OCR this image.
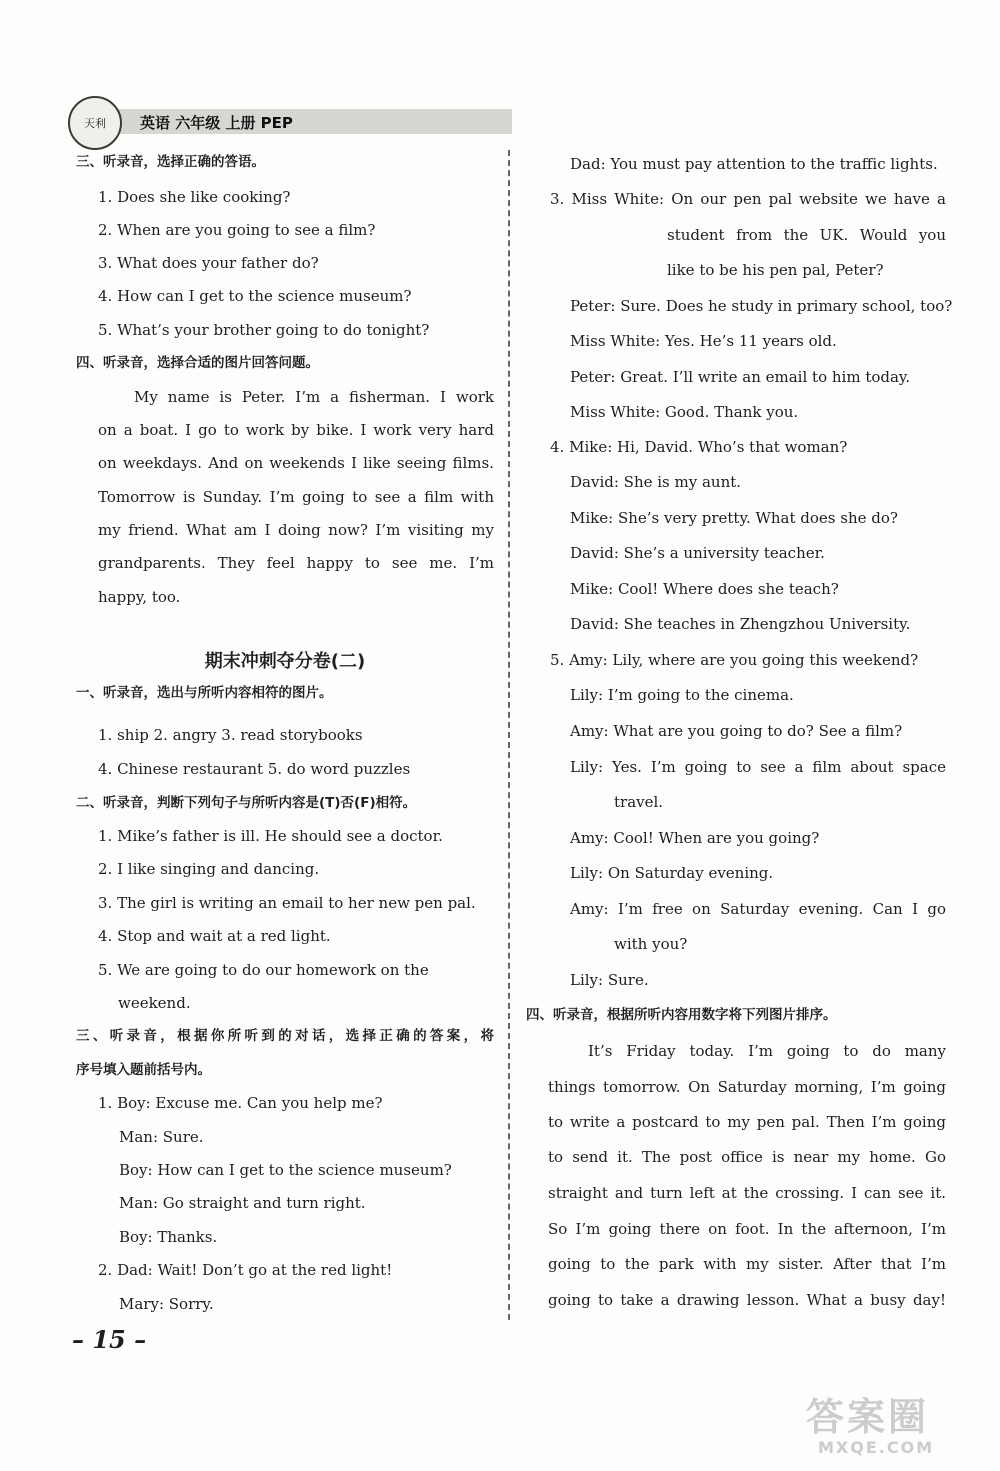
天利 英语 六年级 上册 PEP
三、听录音，选择正确的答语。
1. Does she like cooking?
2. When are you going to see a film?
3. What does your father do?
4. How can I get to the science museum?
5. What’s your brother going to do tonight?
四、听录音，选择合适的图片回答问题。
My name is Peter. I’m a fisherman. I work
on a boat. I go to work by bike. I work very hard
on weekdays. And on weekends I like seeing films.
Tomorrow is Sunday. I’m going to see a film with
my friend. What am I doing now? I’m visiting my
grandparents. They feel happy to see me. I’m
happy, too.
期末冲刺夺分卷(二)
一、听录音，选出与所听内容相符的图片。
1. ship 2. angry 3. read storybooks
4. Chinese restaurant 5. do word puzzles
二、听录音，判断下列句子与所听内容是(T)否(F)相符。
1. Mike’s father is ill. He should see a doctor.
2. I like singing and dancing.
3. The girl is writing an email to her new pen pal.
4. Stop and wait at a red light.
5. We are going to do our homework on the
weekend.
三、听录音，根据你所听到的对话，选择正确的答案，将
序号填入题前括号内。
1. Boy: Excuse me. Can you help me?
Man: Sure.
Boy: How can I get to the science museum?
Man: Go straight and turn right.
Boy: Thanks.
2. Dad: Wait! Don’t go at the red light!
Mary: Sorry.
Dad: You must pay attention to the traffic lights.
3. Miss White: On our pen pal website we have a
student from the UK. Would you
like to be his pen pal, Peter?
Peter: Sure. Does he study in primary school, too?
Miss White: Yes. He’s 11 years old.
Peter: Great. I’ll write an email to him today.
Miss White: Good. Thank you.
4. Mike: Hi, David. Who’s that woman?
David: She is my aunt.
Mike: She’s very pretty. What does she do?
David: She’s a university teacher.
Mike: Cool! Where does she teach?
David: She teaches in Zhengzhou University.
5. Amy: Lily, where are you going this weekend?
Lily: I’m going to the cinema.
Amy: What are you going to do? See a film?
Lily: Yes. I’m going to see a film about space
travel.
Amy: Cool! When are you going?
Lily: On Saturday evening.
Amy: I’m free on Saturday evening. Can I go
with you?
Lily: Sure.
四、听录音，根据所听内容用数字将下列图片排序。
It’s Friday today. I’m going to do many
things tomorrow. On Saturday morning, I’m going
to write a postcard to my pen pal. Then I’m going
to send it. The post office is near my home. Go
straight and turn left at the crossing. I can see it.
So I’m going there on foot. In the afternoon, I’m
going to the park with my sister. After that I’m
going to take a drawing lesson. What a busy day!
– 15 –
答案圈
MXQE.COM
